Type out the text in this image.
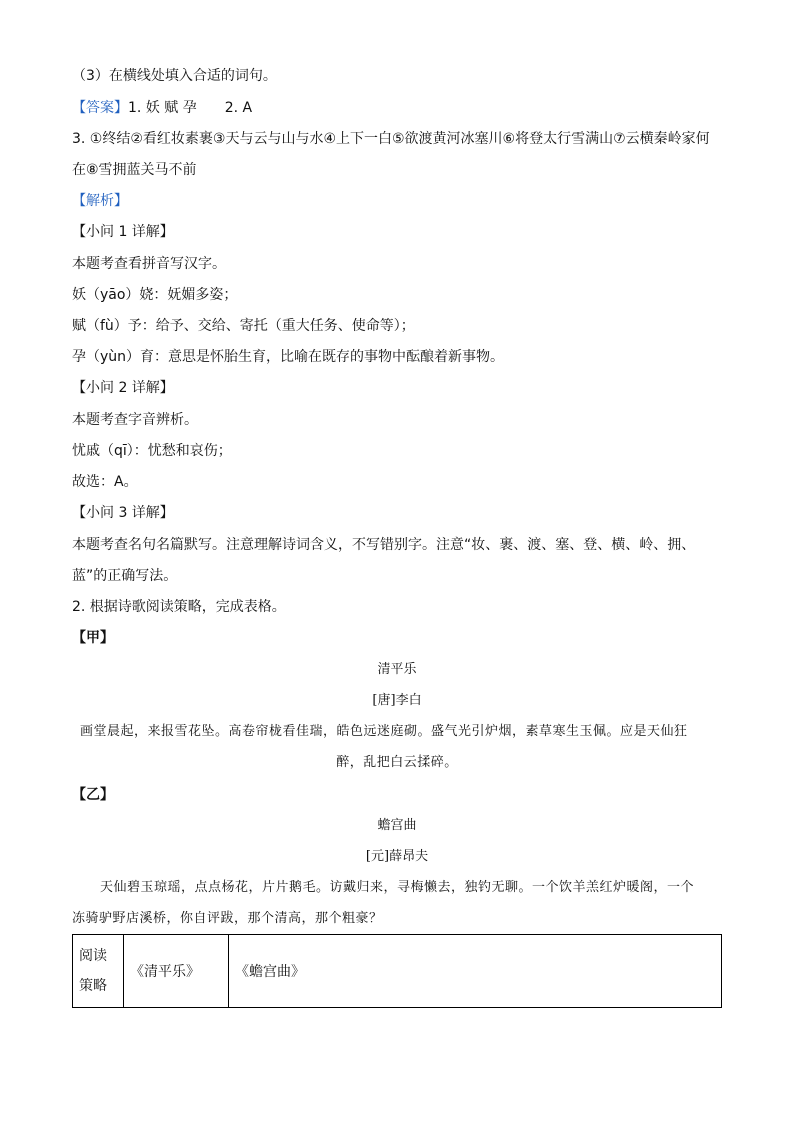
（3）在横线处填入合适的词句。
【答案】1. 妖 赋 孕　　2. A
3. ①终结②看红妆素裹③天与云与山与水④上下一白⑤欲渡黄河冰塞川⑥将登太行雪满山⑦云横秦岭家何
在⑧雪拥蓝关马不前
【解析】
【小问 1 详解】
本题考查看拼音写汉字。
妖（yāo）娆：妩媚多姿；
赋（fù）予：给予、交给、寄托（重大任务、使命等）；
孕（yùn）育：意思是怀胎生育，比喻在既存的事物中酝酿着新事物。
【小问 2 详解】
本题考查字音辨析。
忧戚（qī）：忧愁和哀伤；
故选：A。
【小问 3 详解】
本题考查名句名篇默写。注意理解诗词含义，不写错别字。注意“妆、裹、渡、塞、登、横、岭、拥、
蓝”的正确写法。
2. 根据诗歌阅读策略，完成表格。
【甲】
清平乐
[唐]李白
画堂晨起，来报雪花坠。高卷帘栊看佳瑞，皓色远迷庭砌。盛气光引炉烟，素草寒生玉佩。应是天仙狂
醉，乱把白云揉碎。
【乙】
蟾宫曲
[元]薛昂夫
天仙碧玉琼瑶，点点杨花，片片鹅毛。访戴归来，寻梅懒去，独钓无聊。一个饮羊羔红炉暖阁，一个
冻骑驴野店溪桥，你自评跋，那个清高，那个粗豪？
阅读
策略
	《清平乐》	《蟾宫曲》
